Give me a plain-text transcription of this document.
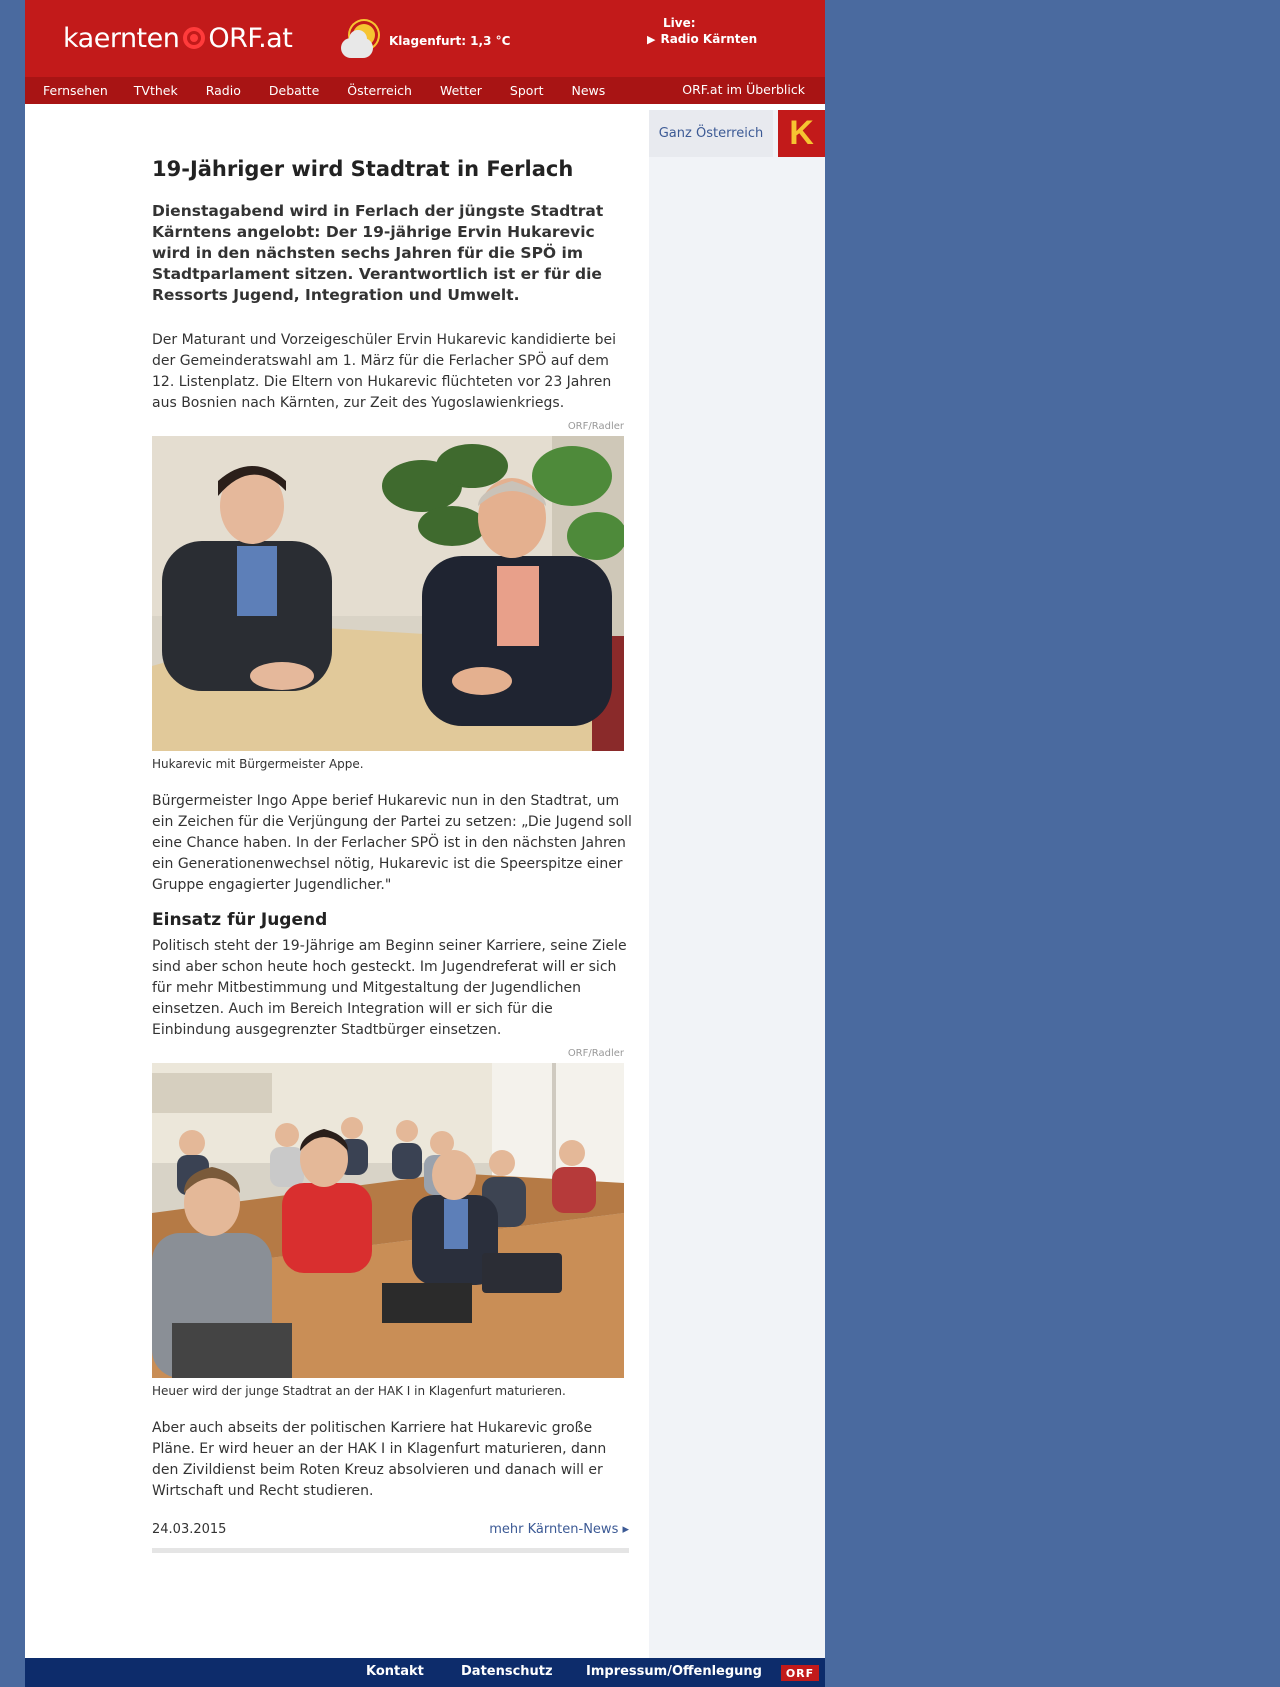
kaernten ORF.at	Klagenfurt: 1,3 °C
Live:
▶ Radio Kärnten
Fernsehen TVthek Radio Debatte Österreich Wetter Sport News	ORF.at im Überblick
Ganz Österreich K
19-Jähriger wird Stadtrat in Ferlach

Dienstagabend wird in Ferlach der jüngste Stadtrat Kärntens angelobt: Der 19-jährige Ervin Hukarevic wird in den nächsten sechs Jahren für die SPÖ im Stadtparlament sitzen. Verantwortlich ist er für die Ressorts Jugend, Integration und Umwelt.

Der Maturant und Vorzeigeschüler Ervin Hukarevic kandidierte bei der Gemeinderatswahl am 1. März für die Ferlacher SPÖ auf dem 12. Listenplatz. Die Eltern von Hukarevic flüchteten vor 23 Jahren aus Bosnien nach Kärnten, zur Zeit des Yugoslawienkriegs.

ORF/Radler

Hukarevic mit Bürgermeister Appe.

Bürgermeister Ingo Appe berief Hukarevic nun in den Stadtrat, um ein Zeichen für die Verjüngung der Partei zu setzen: „Die Jugend soll eine Chance haben. In der Ferlacher SPÖ ist in den nächsten Jahren ein Generationenwechsel nötig, Hukarevic ist die Speerspitze einer Gruppe engagierter Jugendlicher."

Einsatz für Jugend

Politisch steht der 19-Jährige am Beginn seiner Karriere, seine Ziele sind aber schon heute hoch gesteckt. Im Jugendreferat will er sich für mehr Mitbestimmung und Mitgestaltung der Jugendlichen einsetzen. Auch im Bereich Integration will er sich für die Einbindung ausgegrenzter Stadtbürger einsetzen.

ORF/Radler

Heuer wird der junge Stadtrat an der HAK I in Klagenfurt maturieren.

Aber auch abseits der politischen Karriere hat Hukarevic große Pläne. Er wird heuer an der HAK I in Klagenfurt maturieren, dann den Zivildienst beim Roten Kreuz absolvieren und danach will er Wirtschaft und Recht studieren.

24.03.2015	mehr Kärnten-News ▸
Kontakt	Datenschutz	Impressum/Offenlegung	ORF
